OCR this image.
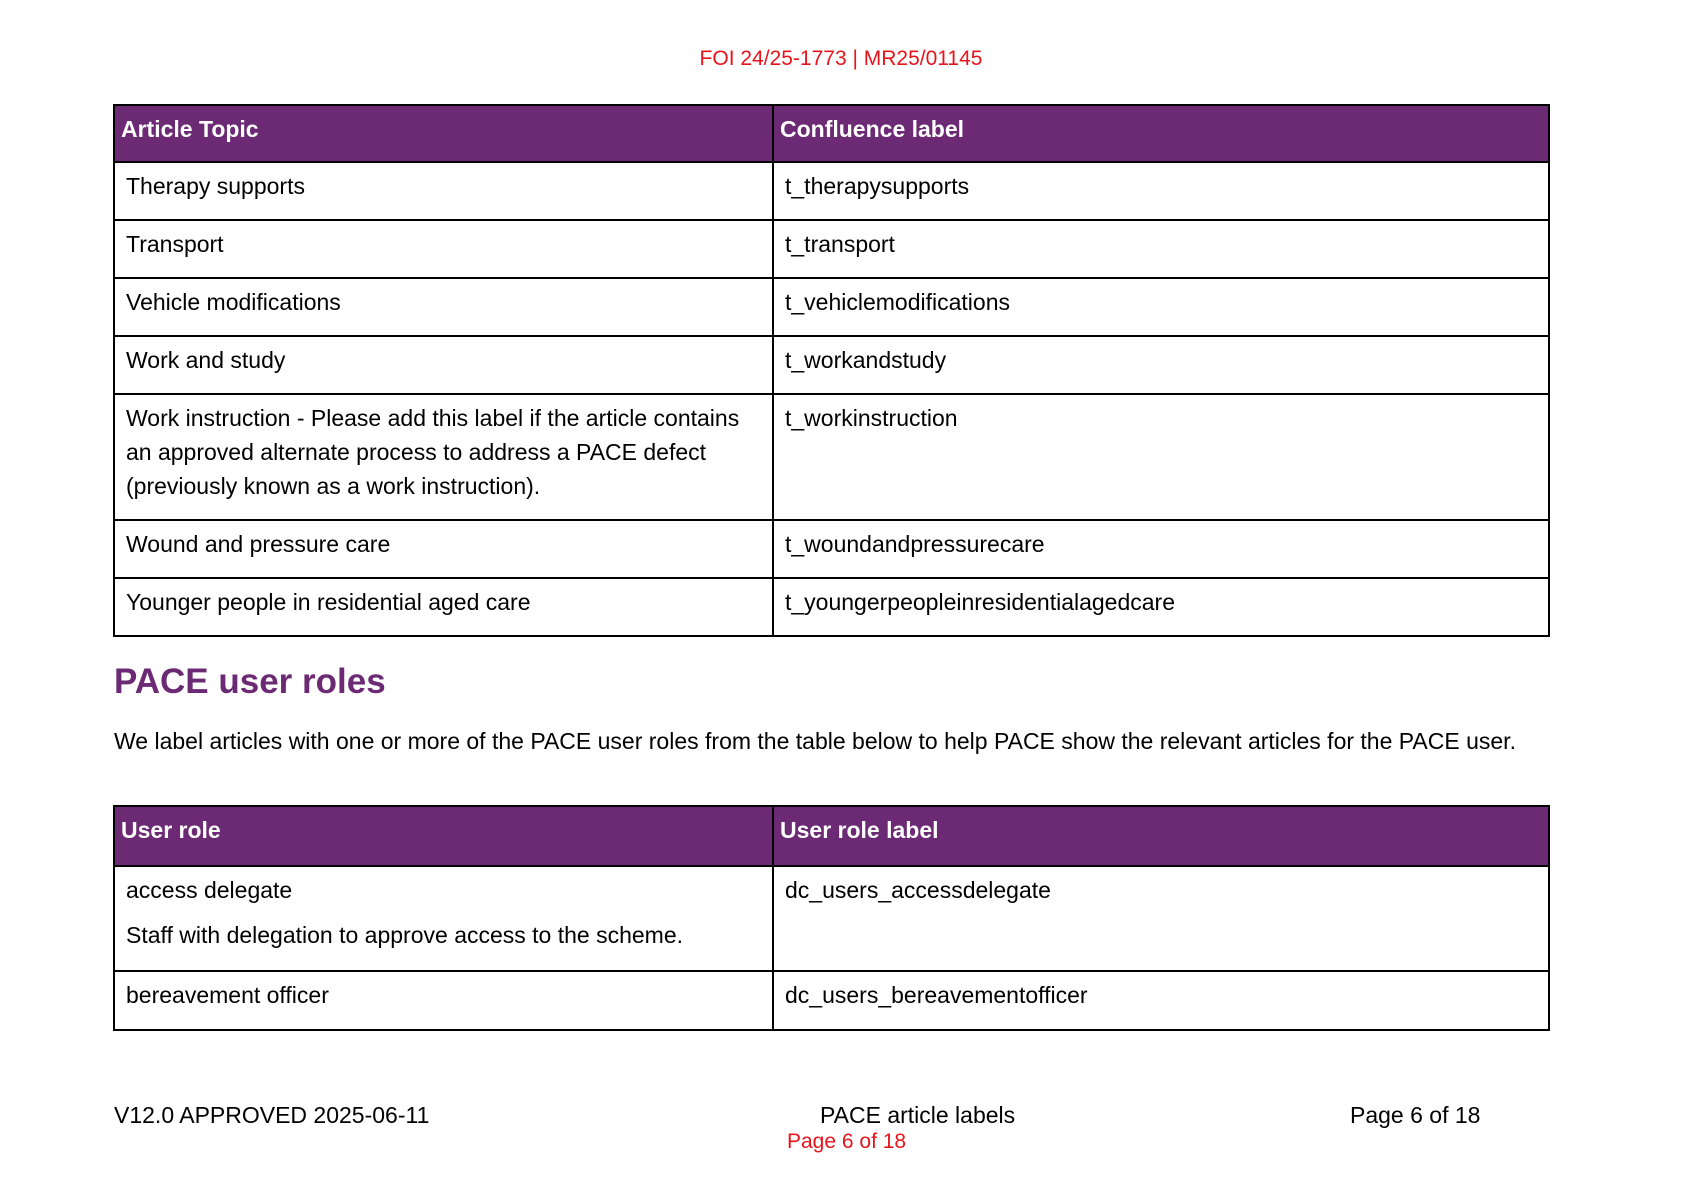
FOI 24/25-1773 | MR25/01145
Article Topic	Confluence label

Therapy supports	t_therapysupports

Transport	t_transport

Vehicle modifications	t_vehiclemodifications

Work and study	t_workandstudy

Work instruction - Please add this label if the article contains an approved alternate process to address a PACE defect (previously known as a work instruction).	t_workinstruction

Wound and pressure care	t_woundandpressurecare

Younger people in residential aged care	t_youngerpeopleinresidentialagedcare

PACE user roles

We label articles with one or more of the PACE user roles from the table below to help PACE show the relevant articles for the PACE user.

User role	User role label

access delegate
Staff with delegation to approve access to the scheme.	dc_users_accessdelegate

bereavement officer	dc_users_bereavementofficer

V12.0 APPROVED 2025-06-11	PACE article labels	Page 6 of 18
Page 6 of 18
